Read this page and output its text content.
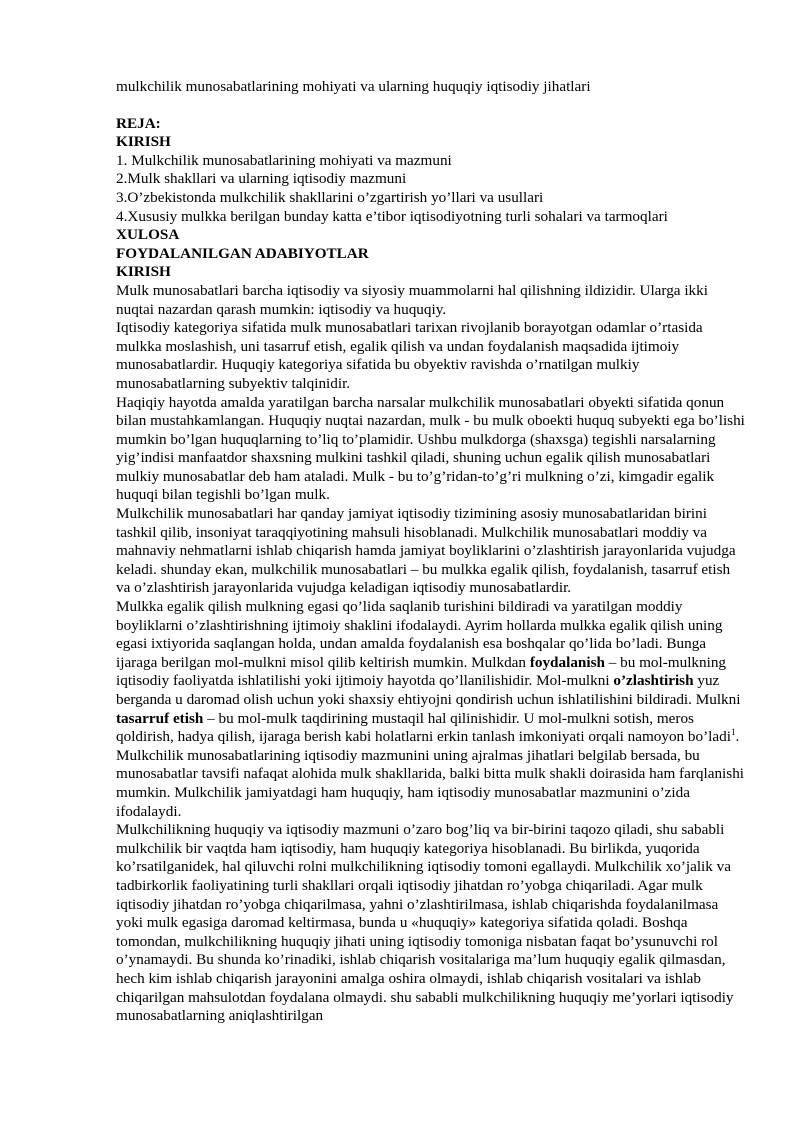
mulkchilik munosabatlarining mohiyati va ularning huquqiy iqtisodiy jihatlari

REJA:

KIRISH

1. Mulkchilik munosabatlarining mohiyati va mazmuni

2.Mulk shakllari va ularning iqtisodiy mazmuni

3.O’zbekistonda mulkchilik shakllarini o’zgartirish yo’llari va usullari

4.Xususiy mulkka berilgan bunday katta e’tibor iqtisodiyotning turli sohalari va tarmoqlari

XULOSA

FOYDALANILGAN ADABIYOTLAR

KIRISH

Mulk munosabatlari barcha iqtisodiy va siyosiy muammolarni hal qilishning ildizidir. Ularga ikki nuqtai nazardan qarash mumkin: iqtisodiy va huquqiy.

Iqtisodiy kategoriya sifatida mulk munosabatlari tarixan rivojlanib borayotgan odamlar o’rtasida mulkka moslashish, uni tasarruf etish, egalik qilish va undan foydalanish maqsadida ijtimoiy munosabatlardir. Huquqiy kategoriya sifatida bu obyektiv ravishda o’rnatilgan mulkiy munosabatlarning subyektiv talqinidir.

Haqiqiy hayotda amalda yaratilgan barcha narsalar mulkchilik munosabatlari obyekti sifatida qonun bilan mustahkamlangan. Huquqiy nuqtai nazardan, mulk - bu mulk oboekti huquq subyekti ega bo’lishi mumkin bo’lgan huquqlarning to’liq to’plamidir. Ushbu mulkdorga (shaxsga) tegishli narsalarning yig’indisi manfaatdor shaxsning mulkini tashkil qiladi, shuning uchun egalik qilish munosabatlari mulkiy munosabatlar deb ham ataladi. Mulk - bu to’g’ridan-to’g’ri mulkning o’zi, kimgadir egalik huquqi bilan tegishli bo’lgan mulk.

Mulkchilik munosabatlari har qanday jamiyat iqtisodiy tizimining asosiy munosabatlaridan birini tashkil qilib, insoniyat taraqqiyotining mahsuli hisoblanadi. Mulkchilik munosabatlari moddiy va mahnaviy nehmatlarni ishlab chiqarish hamda jamiyat boyliklarini o’zlashtirish jarayonlarida vujudga keladi. shunday ekan, mulkchilik munosabatlari – bu mulkka egalik qilish, foydalanish, tasarruf etish va o’zlashtirish jarayonlarida vujudga keladigan iqtisodiy munosabatlardir.

Mulkka egalik qilish mulkning egasi qo’lida saqlanib turishini bildiradi va yaratilgan moddiy boyliklarni o’zlashtirishning ijtimoiy shaklini ifodalaydi. Ayrim hollarda mulkka egalik qilish uning egasi ixtiyorida saqlangan holda, undan amalda foydalanish esa boshqalar qo’lida bo’ladi. Bunga ijaraga berilgan mol-mulkni misol qilib keltirish mumkin. Mulkdan foydalanish – bu mol-mulkning iqtisodiy faoliyatda ishlatilishi yoki ijtimoiy hayotda qo’llanilishidir. Mol-mulkni o’zlashtirish yuz berganda u daromad olish uchun yoki shaxsiy ehtiyojni qondirish uchun ishlatilishini bildiradi. Mulkni tasarruf etish – bu mol-mulk taqdirining mustaqil hal qilinishidir. U mol-mulkni sotish, meros qoldirish, hadya qilish, ijaraga berish kabi holatlarni erkin tanlash imkoniyati orqali namoyon bo’ladi$^1$.

Mulkchilik munosabatlarining iqtisodiy mazmunini uning ajralmas jihatlari belgilab bersada, bu munosabatlar tavsifi nafaqat alohida mulk shakllarida, balki bitta mulk shakli doirasida ham farqlanishi mumkin. Mulkchilik jamiyatdagi ham huquqiy, ham iqtisodiy munosabatlar mazmunini o’zida ifodalaydi.

Mulkchilikning huquqiy va iqtisodiy mazmuni o’zaro bog’liq va bir-birini taqozo qiladi, shu sababli mulkchilik bir vaqtda ham iqtisodiy, ham huquqiy kategoriya hisoblanadi. Bu birlikda, yuqorida ko’rsatilganidek, hal qiluvchi rolni mulkchilikning iqtisodiy tomoni egallaydi. Mulkchilik xo’jalik va tadbirkorlik faoliyatining turli shakllari orqali iqtisodiy jihatdan ro’yobga chiqariladi. Agar mulk iqtisodiy jihatdan ro’yobga chiqarilmasa, yahni o’zlashtirilmasa, ishlab chiqarishda foydalanilmasa yoki mulk egasiga daromad keltirmasa, bunda u «huquqiy» kategoriya sifatida qoladi. Boshqa tomondan, mulkchilikning huquqiy jihati uning iqtisodiy tomoniga nisbatan faqat bo’ysunuvchi rol o’ynamaydi. Bu shunda ko’rinadiki, ishlab chiqarish vositalariga ma’lum huquqiy egalik qilmasdan, hech kim ishlab chiqarish jarayonini amalga oshira olmaydi, ishlab chiqarish vositalari va ishlab chiqarilgan mahsulotdan foydalana olmaydi. shu sababli mulkchilikning huquqiy me’yorlari iqtisodiy munosabatlarning aniqlashtirilgan
